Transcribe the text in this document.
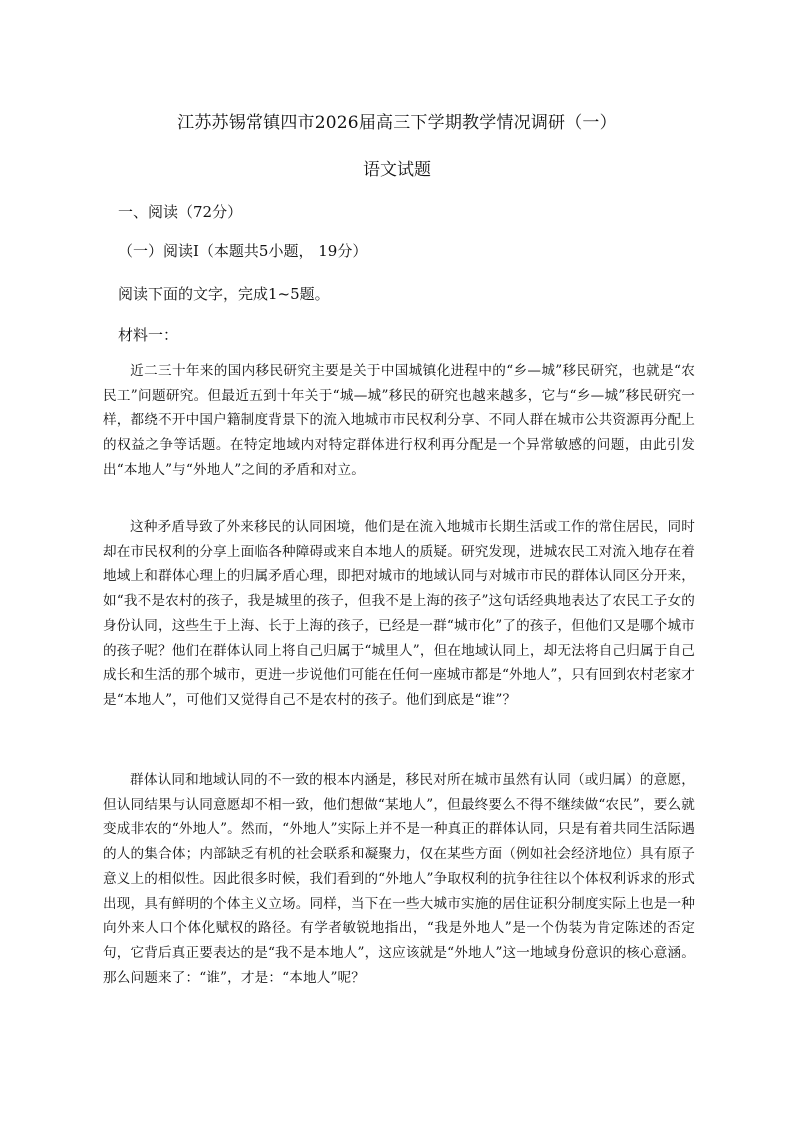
江苏苏锡常镇四市2026届高三下学期教学情况调研（一）
语文试题
一、阅读（72分）
（一）阅读Ⅰ（本题共5小题， 19分）
阅读下面的文字，完成1~5题。
材料一：
近二三十年来的国内移民研究主要是关于中国城镇化进程中的“乡—城”移民研究，也就是“农民工”问题研究。但最近五到十年关于“城—城”移民的研究也越来越多，它与“乡—城”移民研究一样，都绕不开中国户籍制度背景下的流入地城市市民权利分享、不同人群在城市公共资源再分配上的权益之争等话题。在特定地域内对特定群体进行权利再分配是一个异常敏感的问题，由此引发出“本地人”与“外地人”之间的矛盾和对立。
这种矛盾导致了外来移民的认同困境，他们是在流入地城市长期生活或工作的常住居民，同时却在市民权利的分享上面临各种障碍或来自本地人的质疑。研究发现，进城农民工对流入地存在着地域上和群体心理上的归属矛盾心理，即把对城市的地域认同与对城市市民的群体认同区分开来，如“我不是农村的孩子，我是城里的孩子，但我不是上海的孩子”这句话经典地表达了农民工子女的身份认同，这些生于上海、长于上海的孩子，已经是一群“城市化”了的孩子，但他们又是哪个城市的孩子呢？他们在群体认同上将自己归属于“城里人”，但在地域认同上，却无法将自己归属于自己成长和生活的那个城市，更进一步说他们可能在任何一座城市都是“外地人”，只有回到农村老家才是“本地人”，可他们又觉得自己不是农村的孩子。他们到底是“谁”？
群体认同和地域认同的不一致的根本内涵是，移民对所在城市虽然有认同（或归属）的意愿，但认同结果与认同意愿却不相一致，他们想做“某地人”，但最终要么不得不继续做“农民”，要么就变成非农的“外地人”。然而，“外地人”实际上并不是一种真正的群体认同，只是有着共同生活际遇的人的集合体；内部缺乏有机的社会联系和凝聚力，仅在某些方面（例如社会经济地位）具有原子意义上的相似性。因此很多时候，我们看到的“外地人”争取权利的抗争往往以个体权利诉求的形式出现，具有鲜明的个体主义立场。同样，当下在一些大城市实施的居住证积分制度实际上也是一种向外来人口个体化赋权的路径。有学者敏锐地指出，“我是外地人”是一个伪装为肯定陈述的否定句，它背后真正要表达的是“我不是本地人”，这应该就是“外地人”这一地域身份意识的核心意涵。那么问题来了：“谁”，才是：“本地人”呢？
